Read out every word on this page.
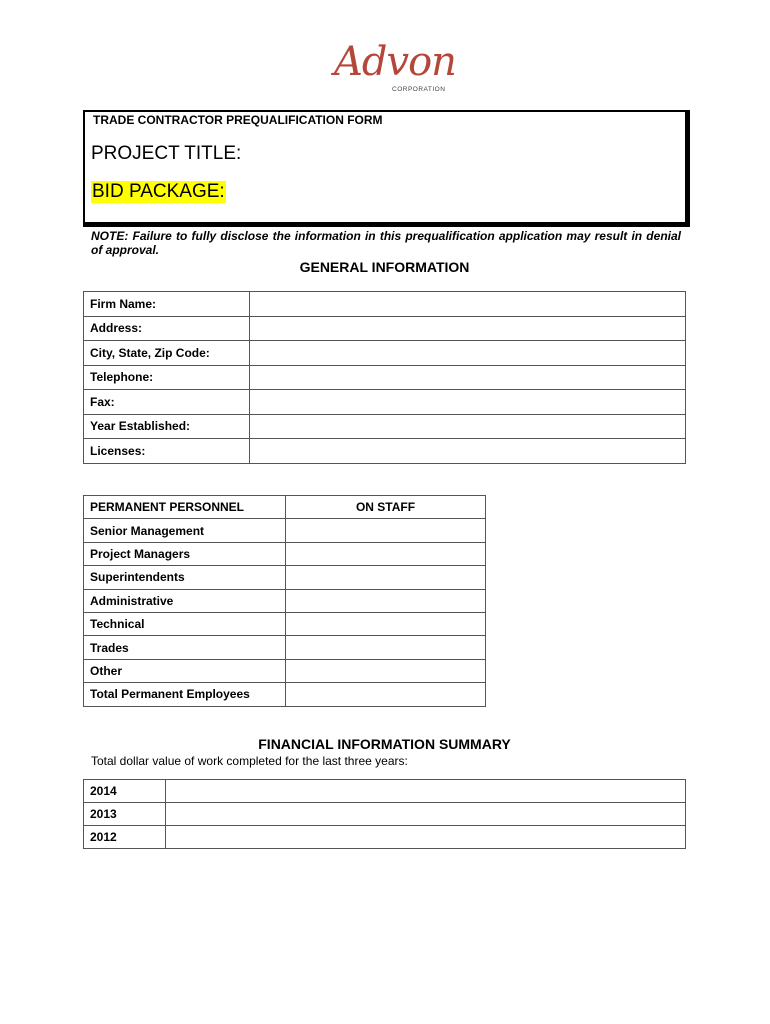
Advon
CORPORATION
TRADE CONTRACTOR PREQUALIFICATION FORM
PROJECT TITLE:
BID PACKAGE:
NOTE: Failure to fully disclose the information in this prequalification application may result in denial of approval.
GENERAL INFORMATION
Firm Name:	
Address:	
City, State, Zip Code:	
Telephone:	
Fax:	
Year Established:	
Licenses:	
PERMANENT PERSONNEL	ON STAFF
Senior Management	
Project Managers	
Superintendents	
Administrative	
Technical	
Trades	
Other	
Total Permanent Employees	
FINANCIAL INFORMATION SUMMARY
Total dollar value of work completed for the last three years:
2014	
2013	
2012	
